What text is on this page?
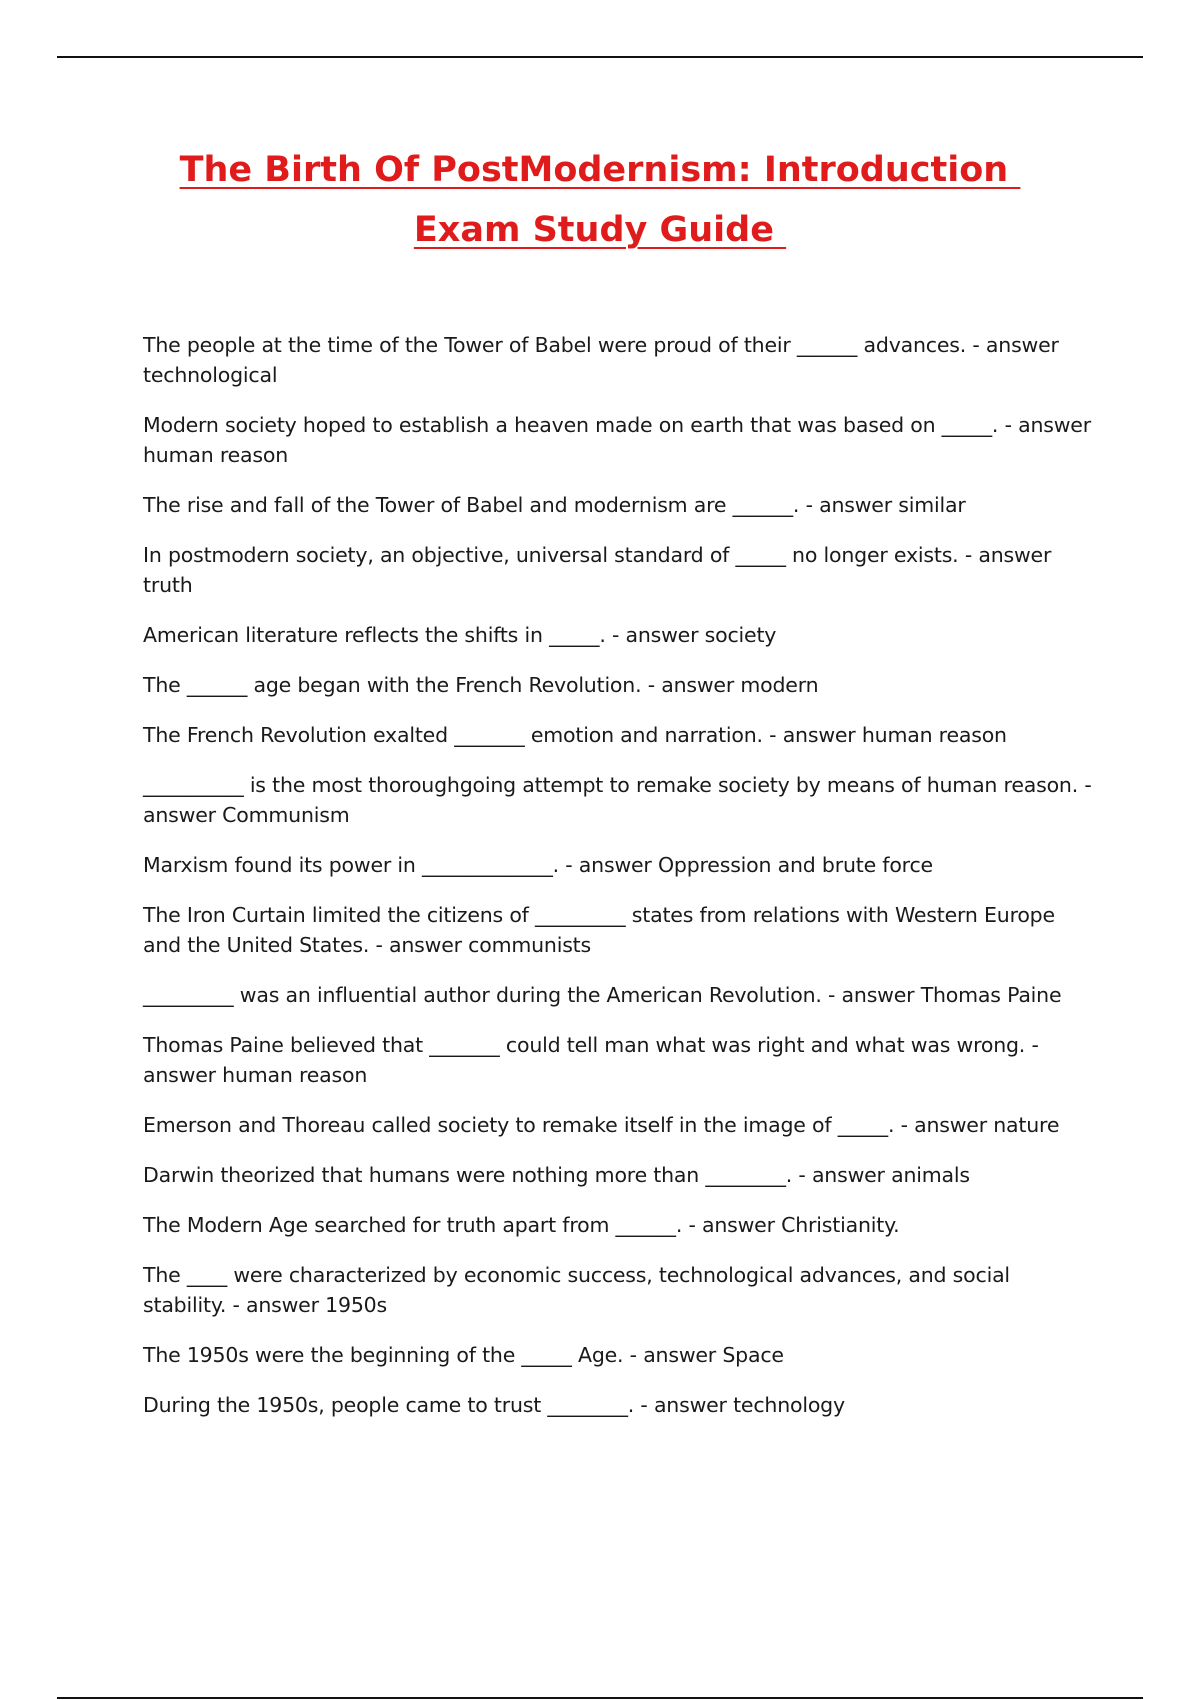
The Birth Of PostModernism: Introduction
Exam Study Guide

The people at the time of the Tower of Babel were proud of their ______ advances. - answer technological

Modern society hoped to establish a heaven made on earth that was based on _____. - answer human reason

The rise and fall of the Tower of Babel and modernism are ______. - answer similar

In postmodern society, an objective, universal standard of _____ no longer exists. - answer truth

American literature reflects the shifts in _____. - answer society

The ______ age began with the French Revolution. - answer modern

The French Revolution exalted _______ emotion and narration. - answer human reason

__________ is the most thoroughgoing attempt to remake society by means of human reason. - answer Communism

Marxism found its power in _____________. - answer Oppression and brute force

The Iron Curtain limited the citizens of _________ states from relations with Western Europe and the United States. - answer communists

_________ was an influential author during the American Revolution. - answer Thomas Paine

Thomas Paine believed that _______ could tell man what was right and what was wrong. - answer human reason

Emerson and Thoreau called society to remake itself in the image of _____. - answer nature

Darwin theorized that humans were nothing more than ________. - answer animals

The Modern Age searched for truth apart from ______. - answer Christianity.

The ____ were characterized by economic success, technological advances, and social stability. - answer 1950s

The 1950s were the beginning of the _____ Age. - answer Space

During the 1950s, people came to trust ________. - answer technology
